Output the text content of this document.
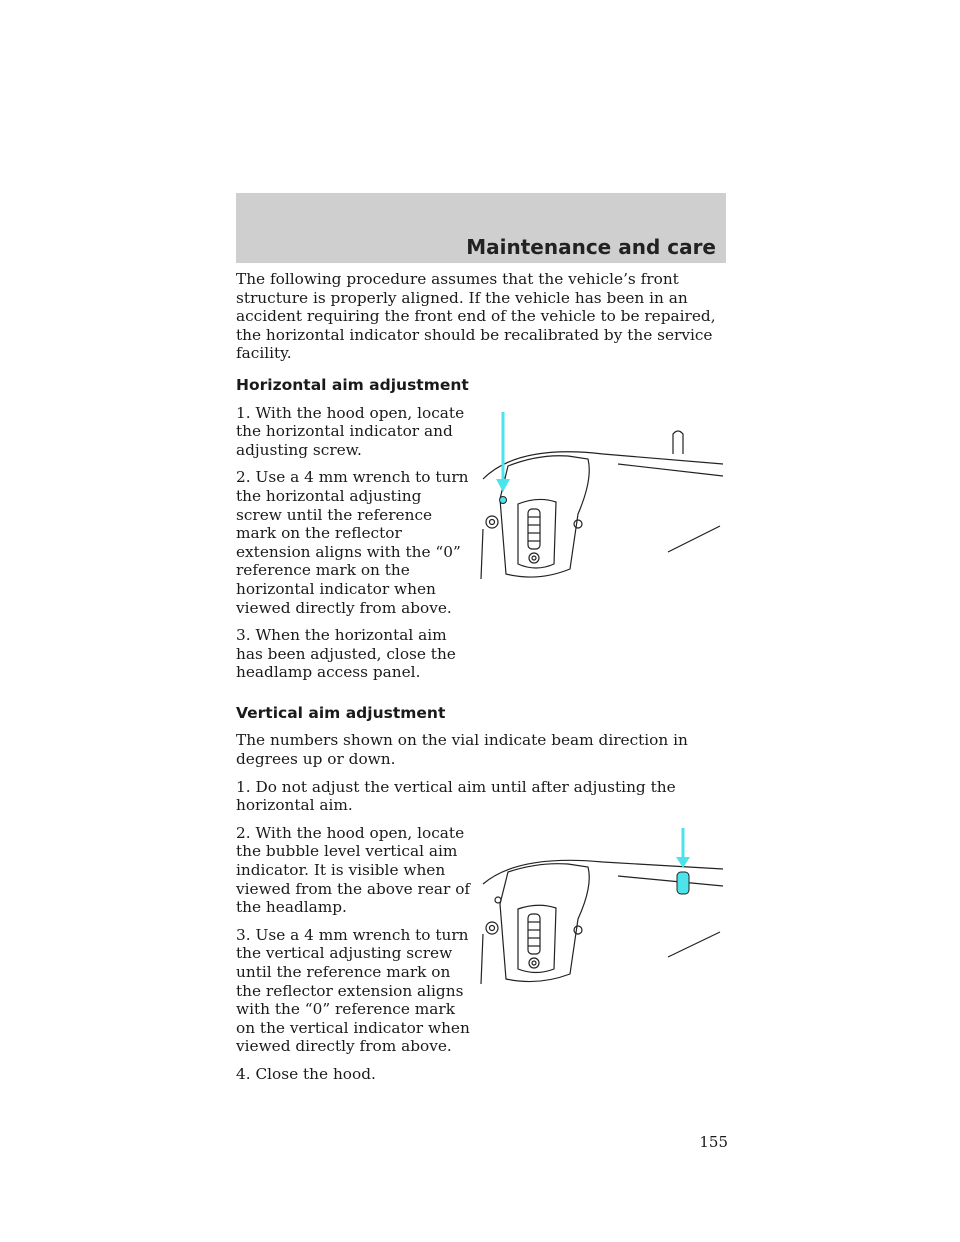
Maintenance and care

The following procedure assumes that the vehicle’s front structure is properly aligned. If the vehicle has been in an accident requiring the front end of the vehicle to be repaired, the horizontal indicator should be recalibrated by the service facility.

Horizontal aim adjustment

1. With the hood open, locate the horizontal indicator and adjusting screw.

2. Use a 4 mm wrench to turn the horizontal adjusting screw until the reference mark on the reflector extension aligns with the “0” reference mark on the horizontal indicator when viewed directly from above.

3. When the horizontal aim has been adjusted, close the headlamp access panel.

Vertical aim adjustment

The numbers shown on the vial indicate beam direction in degrees up or down.

1. Do not adjust the vertical aim until after adjusting the horizontal aim.

2. With the hood open, locate the bubble level vertical aim indicator. It is visible when viewed from the above rear of the headlamp.

3. Use a 4 mm wrench to turn the vertical adjusting screw until the reference mark on the reflector extension aligns with the “0” reference mark on the vertical indicator when viewed directly from above.

4. Close the hood.

155
